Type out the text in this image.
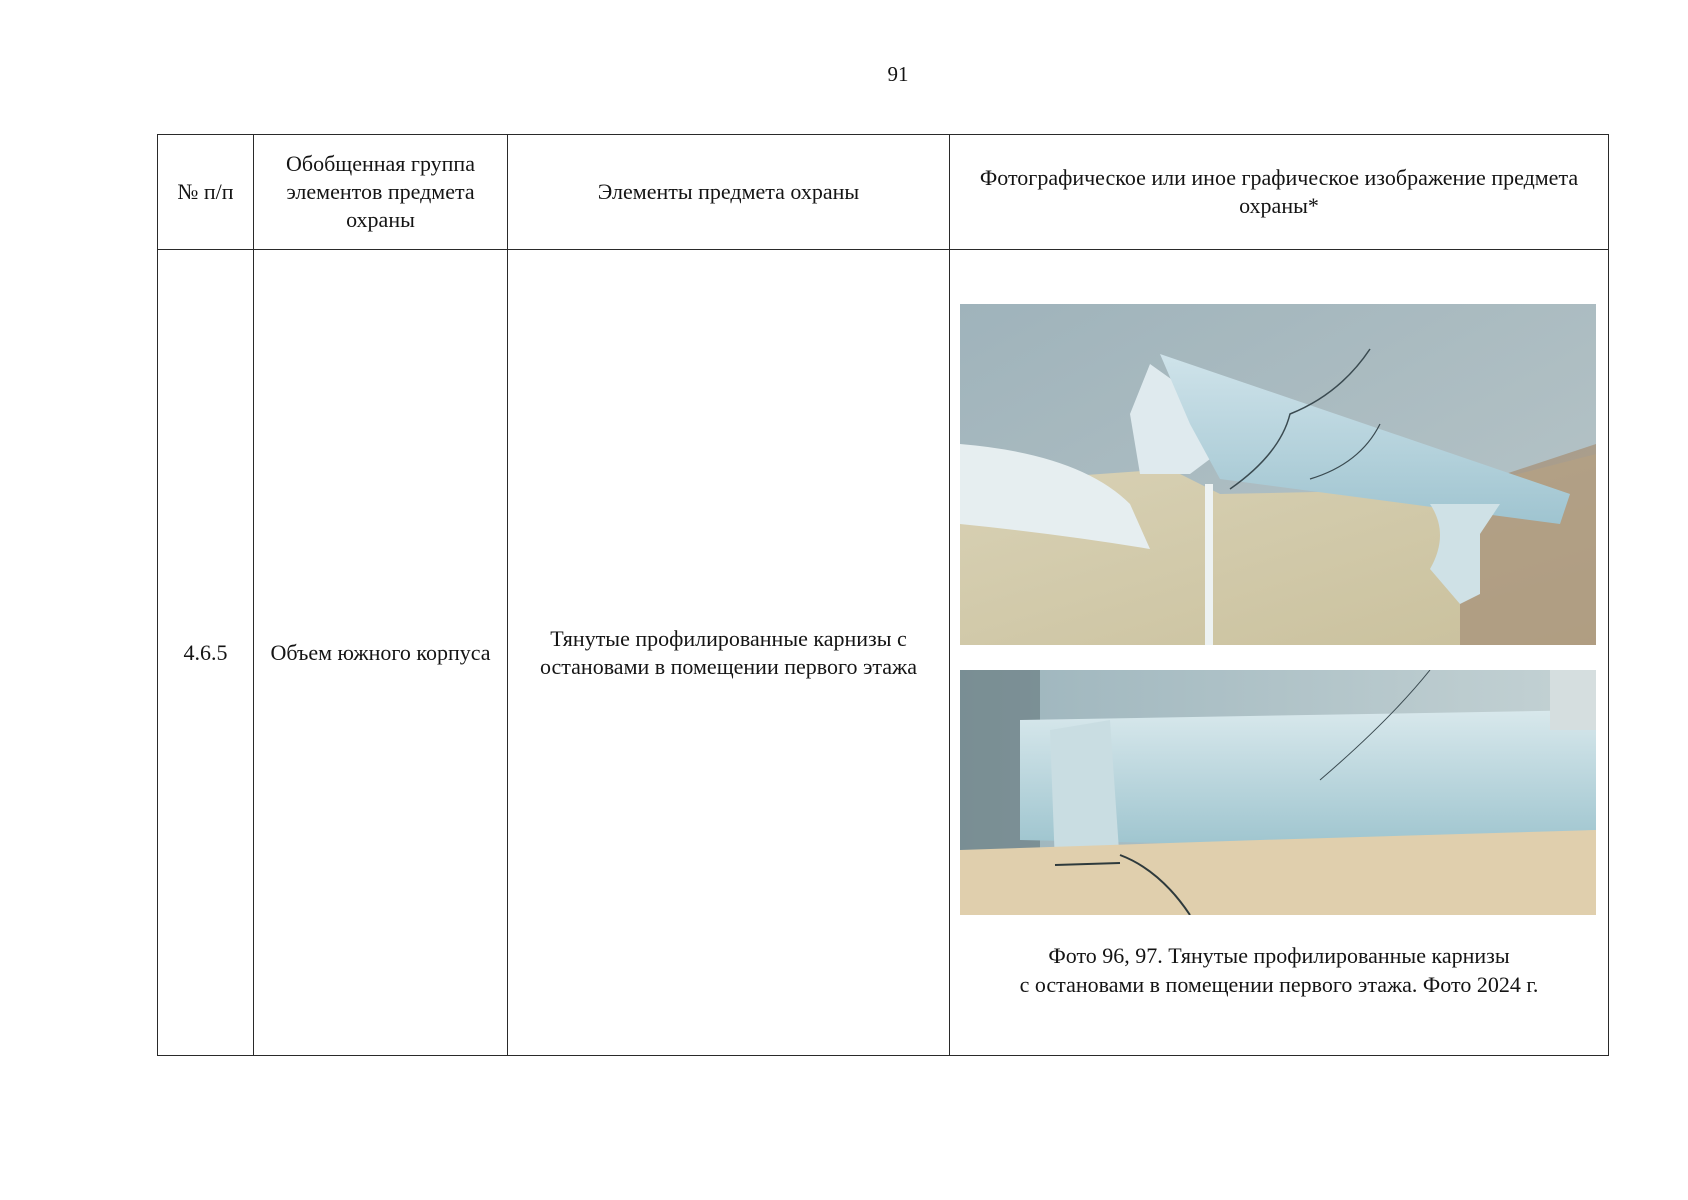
91
№ п/п	Обобщенная группа элементов предмета охраны	Элементы предмета охраны	Фотографическое или иное графическое изображение предмета охраны*
4.6.5	Объем южного корпуса	Тянутые профилированные карнизы с остановами в помещении первого этажа	Фото 96, 97. Тянутые профилированные карнизы
с остановами в помещении первого этажа. Фото 2024 г.
